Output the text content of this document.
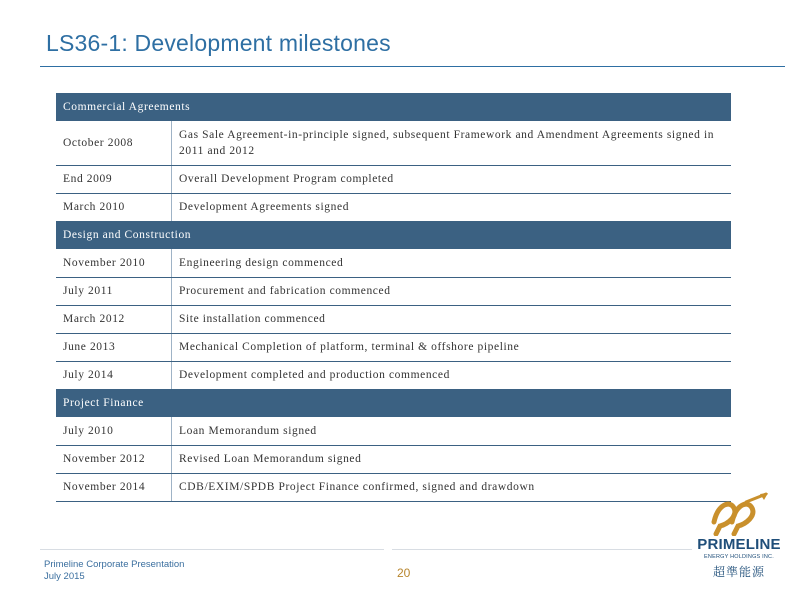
LS36-1: Development milestones
Commercial Agreements	
October 2008	Gas Sale Agreement-in-principle signed, subsequent Framework and Amendment Agreements signed in 2011 and 2012
End 2009	Overall Development Program completed
March 2010	Development Agreements signed
Design and Construction	
November 2010	Engineering design commenced
July 2011	Procurement and fabrication commenced
March 2012	Site installation commenced
June 2013	Mechanical Completion of platform, terminal & offshore pipeline
July 2014	Development completed and production commenced
Project Finance	
July 2010	Loan Memorandum signed
November 2012	Revised Loan Memorandum signed
November 2014	CDB/EXIM/SPDB Project Finance confirmed, signed and drawdown
Primeline Corporate Presentation
July 2015	20
PRIMELINE
ENERGY HOLDINGS INC.
超準能源
